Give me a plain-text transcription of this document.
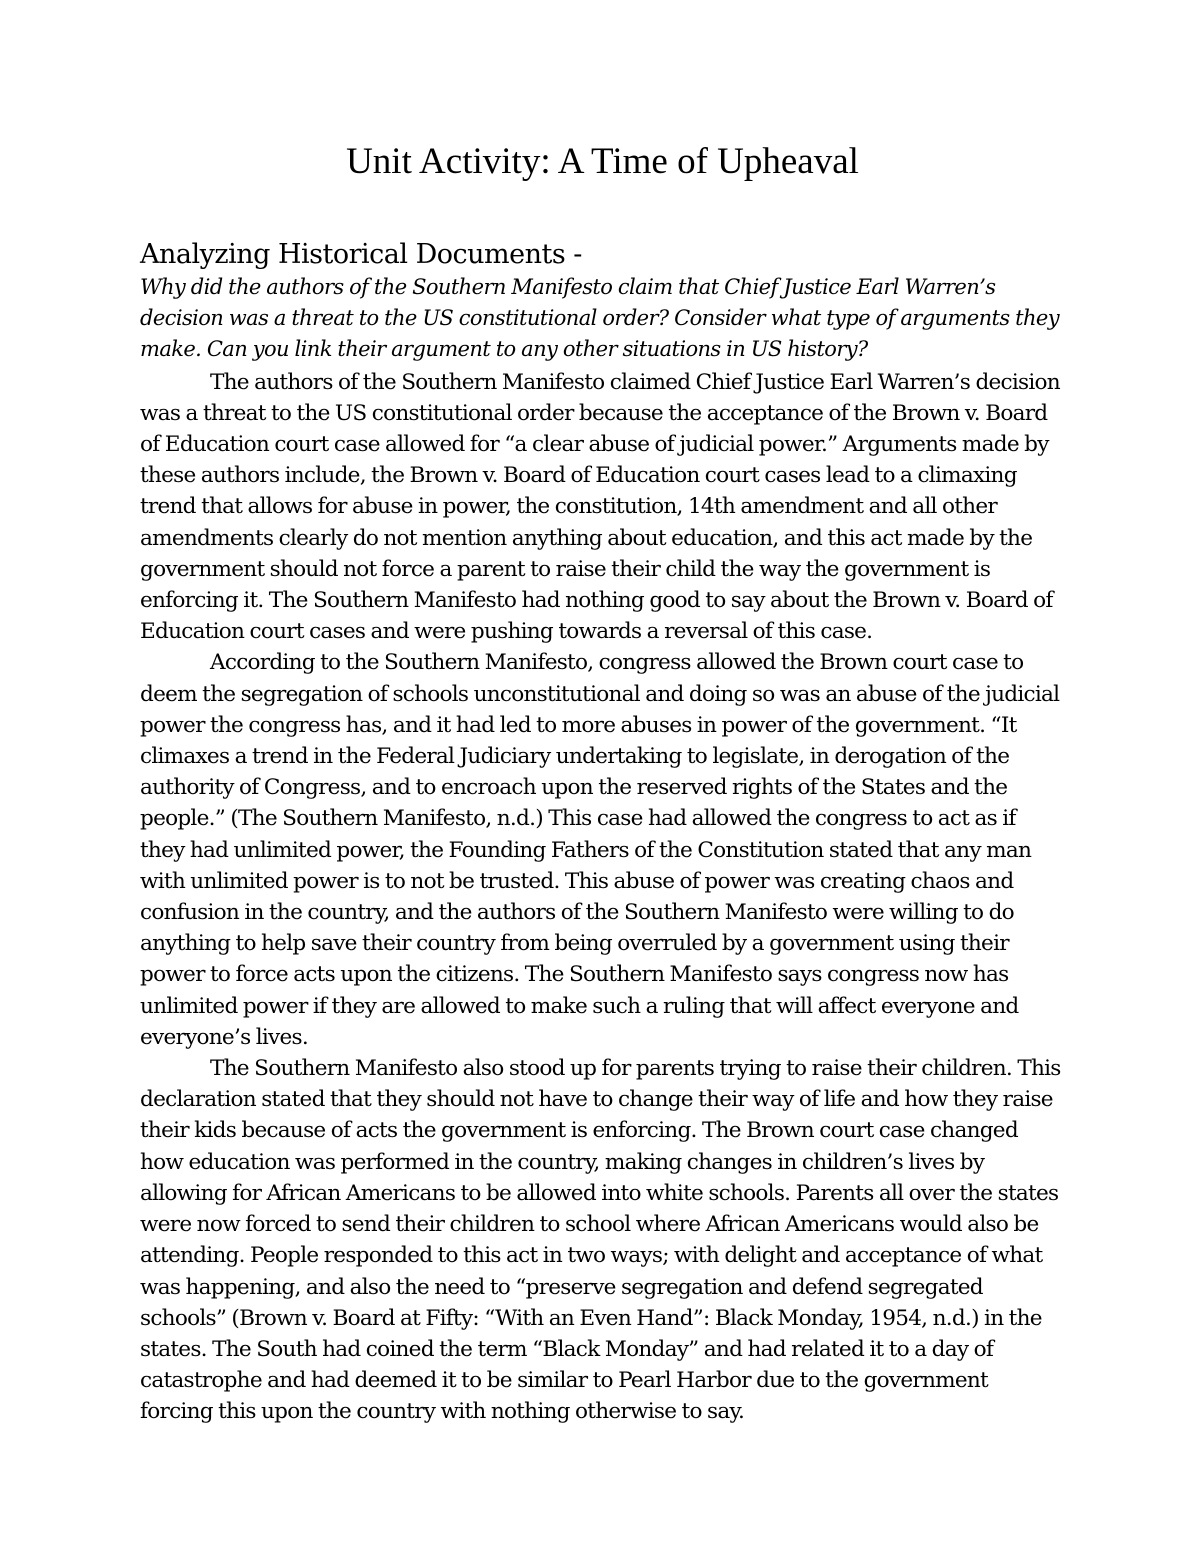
Unit Activity: A Time of Upheaval
Analyzing Historical Documents -

Why did the authors of the Southern Manifesto claim that Chief Justice Earl Warren’s decision was a threat to the US constitutional order? Consider what type of arguments they make. Can you link their argument to any other situations in US history?

The authors of the Southern Manifesto claimed Chief Justice Earl Warren’s decision was a threat to the US constitutional order because the acceptance of the Brown v. Board of Education court case allowed for “a clear abuse of judicial power.” Arguments made by these authors include, the Brown v. Board of Education court cases lead to a climaxing trend that allows for abuse in power, the constitution, 14th amendment and all other amendments clearly do not mention anything about education, and this act made by the government should not force a parent to raise their child the way the government is enforcing it. The Southern Manifesto had nothing good to say about the Brown v. Board of Education court cases and were pushing towards a reversal of this case.

According to the Southern Manifesto, congress allowed the Brown court case to deem the segregation of schools unconstitutional and doing so was an abuse of the judicial power the congress has, and it had led to more abuses in power of the government. “It climaxes a trend in the Federal Judiciary undertaking to legislate, in derogation of the authority of Congress, and to encroach upon the reserved rights of the States and the people.” (The Southern Manifesto, n.d.) This case had allowed the congress to act as if they had unlimited power, the Founding Fathers of the Constitution stated that any man with unlimited power is to not be trusted. This abuse of power was creating chaos and confusion in the country, and the authors of the Southern Manifesto were willing to do anything to help save their country from being overruled by a government using their power to force acts upon the citizens. The Southern Manifesto says congress now has unlimited power if they are allowed to make such a ruling that will affect everyone and everyone’s lives.

The Southern Manifesto also stood up for parents trying to raise their children. This declaration stated that they should not have to change their way of life and how they raise their kids because of acts the government is enforcing. The Brown court case changed how education was performed in the country, making changes in children’s lives by allowing for African Americans to be allowed into white schools. Parents all over the states were now forced to send their children to school where African Americans would also be attending. People responded to this act in two ways; with delight and acceptance of what was happening, and also the need to “preserve segregation and defend segregated schools” (Brown v. Board at Fifty: “With an Even Hand”: Black Monday, 1954, n.d.) in the states. The South had coined the term “Black Monday” and had related it to a day of catastrophe and had deemed it to be similar to Pearl Harbor due to the government forcing this upon the country with nothing otherwise to say.
